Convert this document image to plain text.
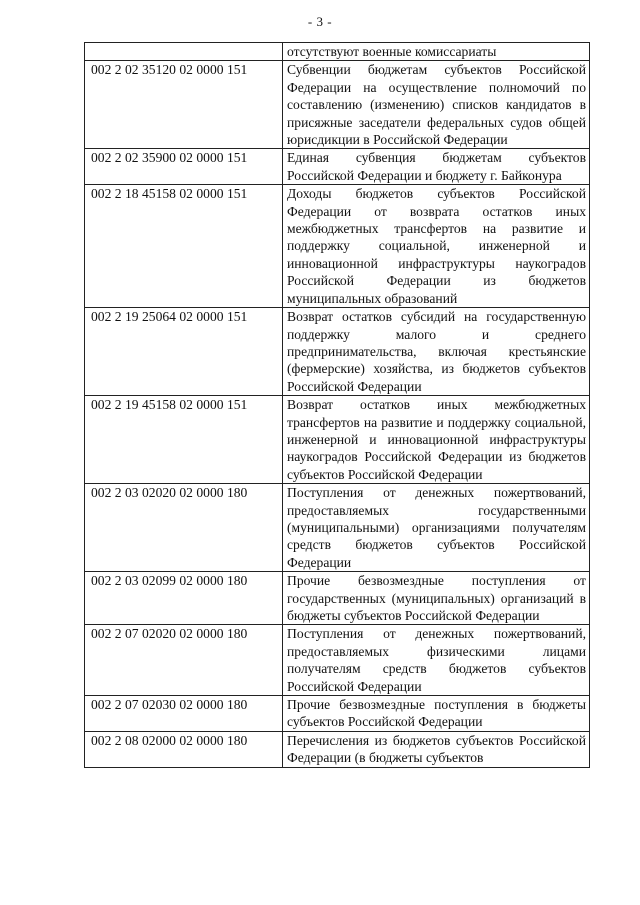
- 3 -
	отсутствуют военные комиссариаты
002 2 02 35120 02 0000 151	Субвенции бюджетам субъектов Российской Федерации на осуществление полномочий по составлению (изменению) списков кандидатов в присяжные заседатели федеральных судов общей юрисдикции в Российской Федерации
002 2 02 35900 02 0000 151	Единая субвенция бюджетам субъектов Российской Федерации и бюджету г. Байконура
002 2 18 45158 02 0000 151	Доходы бюджетов субъектов Российской Федерации от возврата остатков иных межбюджетных трансфертов на развитие и поддержку социальной, инженерной и инновационной инфраструктуры наукоградов Российской Федерации из бюджетов муниципальных образований
002 2 19 25064 02 0000 151	Возврат остатков субсидий на государственную поддержку малого и среднего предпринимательства, включая крестьянские (фермерские) хозяйства, из бюджетов субъектов Российской Федерации
002 2 19 45158 02 0000 151	Возврат остатков иных межбюджетных трансфертов на развитие и поддержку социальной, инженерной и инновационной инфраструктуры наукоградов Российской Федерации из бюджетов субъектов Российской Федерации
002 2 03 02020 02 0000 180	Поступления от денежных пожертвований, предоставляемых государственными (муниципальными) организациями получателям средств бюджетов субъектов Российской Федерации
002 2 03 02099 02 0000 180	Прочие безвозмездные поступления от государственных (муниципальных) организаций в бюджеты субъектов Российской Федерации
002 2 07 02020 02 0000 180	Поступления от денежных пожертвований, предоставляемых физическими лицами получателям средств бюджетов субъектов Российской Федерации
002 2 07 02030 02 0000 180	Прочие безвозмездные поступления в бюджеты субъектов Российской Федерации
002 2 08 02000 02 0000 180	Перечисления из бюджетов субъектов Российской Федерации (в бюджеты субъектов
